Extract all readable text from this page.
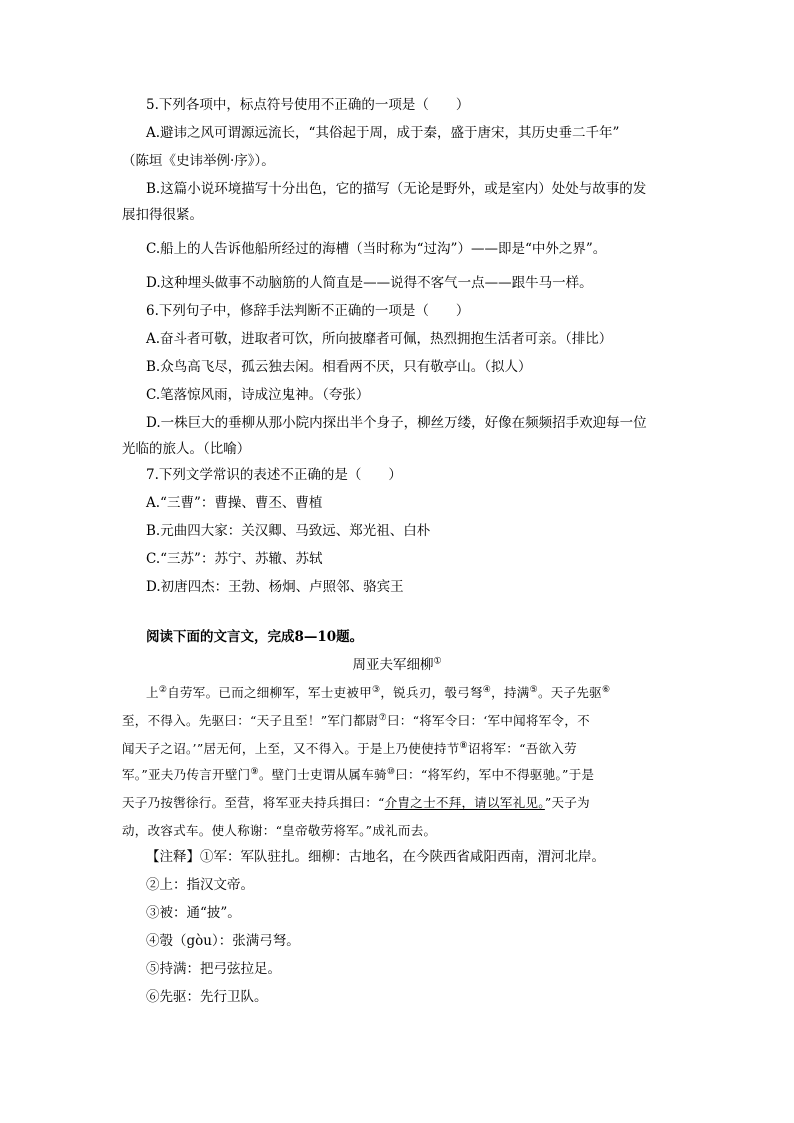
5.下列各项中，标点符号使用不正确的一项是（　　）
A.避讳之风可谓源远流长，“其俗起于周，成于秦，盛于唐宋，其历史垂二千年”
（陈垣《史讳举例·序》）。
B.这篇小说环境描写十分出色，它的描写（无论是野外，或是室内）处处与故事的发
展扣得很紧。
C.船上的人告诉他船所经过的海槽（当时称为“过沟”）——即是“中外之界”。
D.这种埋头做事不动脑筋的人简直是——说得不客气一点——跟牛马一样。
6.下列句子中，修辞手法判断不正确的一项是（　　）
A.奋斗者可敬，进取者可饮，所向披靡者可佩，热烈拥抱生活者可亲。（排比）
B.众鸟高飞尽，孤云独去闲。相看两不厌，只有敬亭山。（拟人）
C.笔落惊风雨，诗成泣鬼神。（夸张）
D.一株巨大的垂柳从那小院内探出半个身子，柳丝万缕，好像在频频招手欢迎每一位
光临的旅人。（比喻）
7.下列文学常识的表述不正确的是（　　）
A.“三曹”：曹操、曹丕、曹植
B.元曲四大家：关汉卿、马致远、郑光祖、白朴
C.“三苏”：苏宁、苏辙、苏轼
D.初唐四杰：王勃、杨炯、卢照邻、骆宾王
阅读下面的文言文，完成8—10题。
周亚夫军细柳①
上②自劳军。已而之细柳军，军士吏被甲③，锐兵刃，彀弓弩④，持满⑤。天子先驱⑥
至，不得入。先驱曰：“天子且至！”军门都尉⑦曰：“将军令曰：‘军中闻将军令，不
闻天子之诏。’”居无何，上至，又不得入。于是上乃使使持节⑧诏将军：“吾欲入劳
军。”亚夫乃传言开壁门⑨。壁门士吏谓从属车骑⑩曰：“将军约，军中不得驱驰。”于是
天子乃按辔徐行。至营，将军亚夫持兵揖曰：“介胄之士不拜，请以军礼见。”天子为
动，改容式车。使人称谢：“皇帝敬劳将军。”成礼而去。
【注释】①军：军队驻扎。细柳：古地名，在今陕西省咸阳西南，渭河北岸。
②上：指汉文帝。
③被：通“披”。
④彀（gòu）：张满弓弩。
⑤持满：把弓弦拉足。
⑥先驱：先行卫队。
